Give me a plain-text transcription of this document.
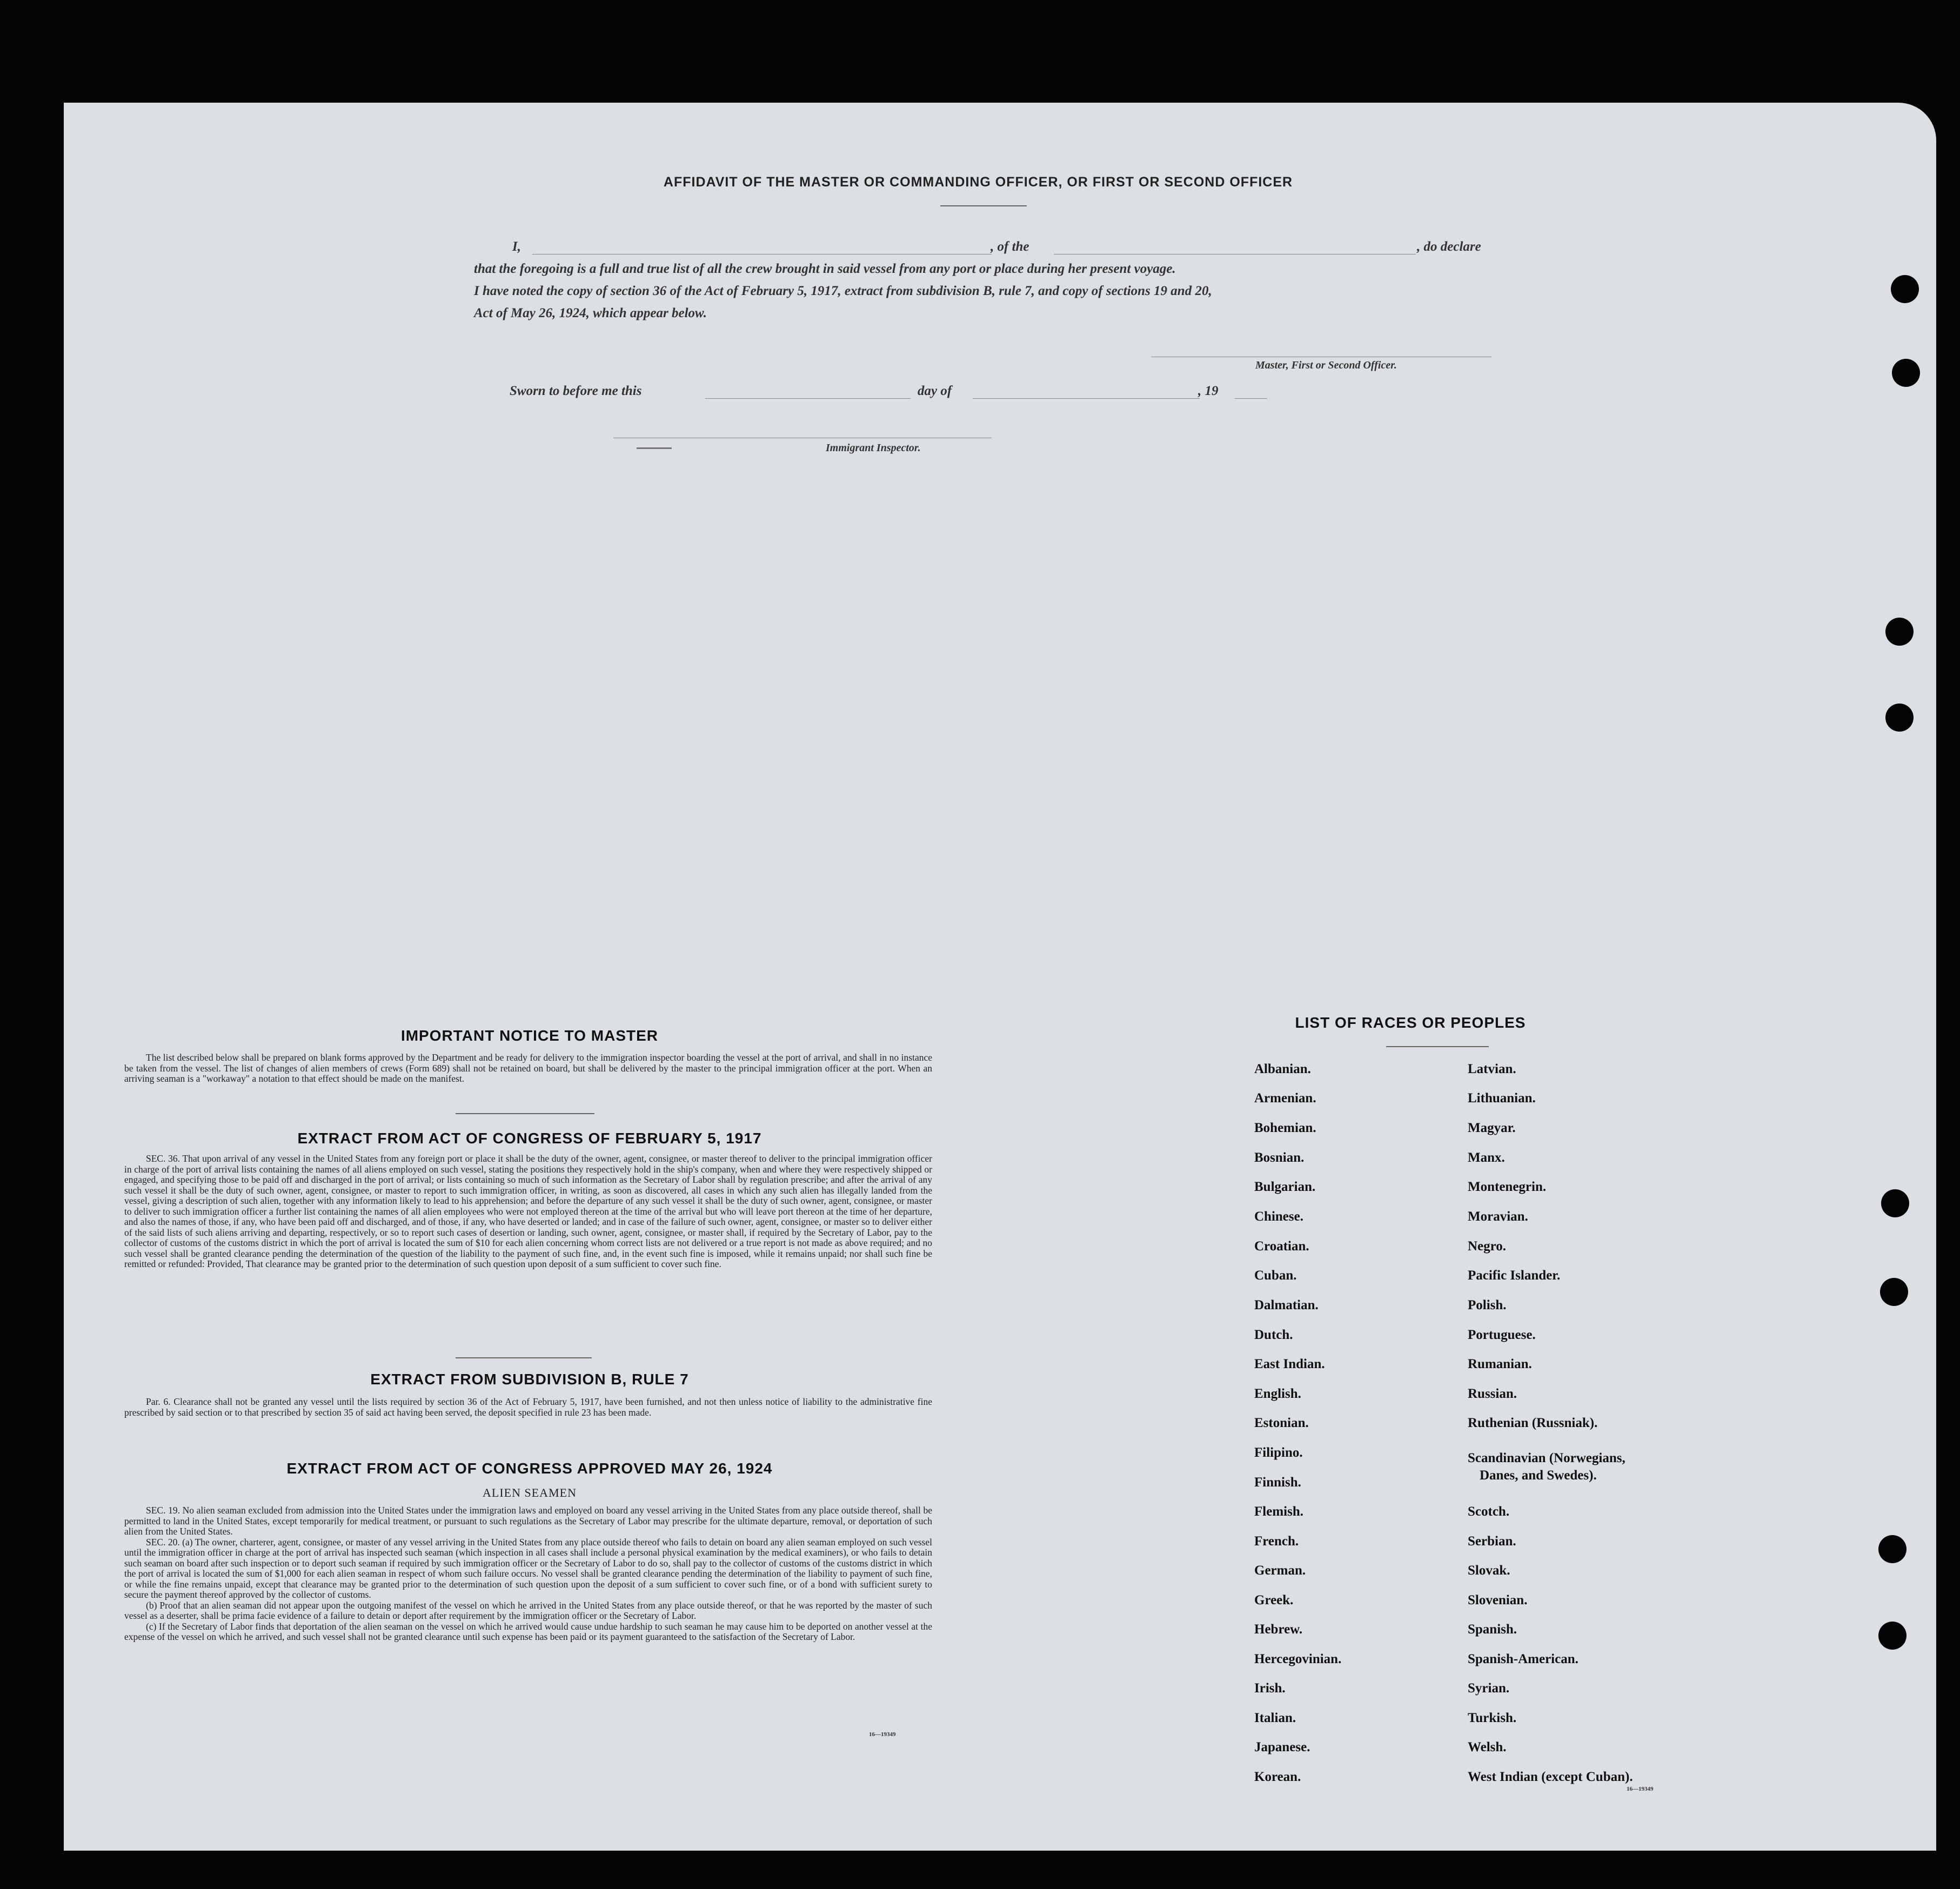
AFFIDAVIT OF THE MASTER OR COMMANDING OFFICER, OR FIRST OR SECOND OFFICER
I,	, of the	, do declare
that the foregoing is a full and true list of all the crew brought in said vessel from any port or place during her present voyage.
I have noted the copy of section 36 of the Act of February 5, 1917, extract from subdivision B, rule 7, and copy of sections 19 and 20,
Act of May 26, 1924, which appear below.
Master, First or Second Officer.
Sworn to before me this	day of	, 19
Immigrant Inspector.
IMPORTANT NOTICE TO MASTER

The list described below shall be prepared on blank forms approved by the Department and be ready for delivery to the immigration inspector boarding the vessel at the port of arrival, and shall in no instance be taken from the vessel. The list of changes of alien members of crews (Form 689) shall not be retained on board, but shall be delivered by the master to the principal immigration officer at the port. When an arriving seaman is a "workaway" a notation to that effect should be made on the manifest.

EXTRACT FROM ACT OF CONGRESS OF FEBRUARY 5, 1917

SEC. 36. That upon arrival of any vessel in the United States from any foreign port or place it shall be the duty of the owner, agent, consignee, or master thereof to deliver to the principal immigration officer in charge of the port of arrival lists containing the names of all aliens employed on such vessel, stating the positions they respectively hold in the ship's company, when and where they were respectively shipped or engaged, and specifying those to be paid off and discharged in the port of arrival; or lists containing so much of such information as the Secretary of Labor shall by regulation prescribe; and after the arrival of any such vessel it shall be the duty of such owner, agent, consignee, or master to report to such immigration officer, in writing, as soon as discovered, all cases in which any such alien has illegally landed from the vessel, giving a description of such alien, together with any information likely to lead to his apprehension; and before the departure of any such vessel it shall be the duty of such owner, agent, consignee, or master to deliver to such immigration officer a further list containing the names of all alien employees who were not employed thereon at the time of the arrival but who will leave port thereon at the time of her departure, and also the names of those, if any, who have been paid off and discharged, and of those, if any, who have deserted or landed; and in case of the failure of such owner, agent, consignee, or master so to deliver either of the said lists of such aliens arriving and departing, respectively, or so to report such cases of desertion or landing, such owner, agent, consignee, or master shall, if required by the Secretary of Labor, pay to the collector of customs of the customs district in which the port of arrival is located the sum of $10 for each alien concerning whom correct lists are not delivered or a true report is not made as above required; and no such vessel shall be granted clearance pending the determination of the question of the liability to the payment of such fine, and, in the event such fine is imposed, while it remains unpaid; nor shall such fine be remitted or refunded: Provided, That clearance may be granted prior to the determination of such question upon deposit of a sum sufficient to cover such fine.

EXTRACT FROM SUBDIVISION B, RULE 7

Par. 6. Clearance shall not be granted any vessel until the lists required by section 36 of the Act of February 5, 1917, have been furnished, and not then unless notice of liability to the administrative fine prescribed by said section or to that prescribed by section 35 of said act having been served, the deposit specified in rule 23 has been made.

EXTRACT FROM ACT OF CONGRESS APPROVED MAY 26, 1924
ALIEN SEAMEN

SEC. 19. No alien seaman excluded from admission into the United States under the immigration laws and employed on board any vessel arriving in the United States from any place outside thereof, shall be permitted to land in the United States, except temporarily for medical treatment, or pursuant to such regulations as the Secretary of Labor may prescribe for the ultimate departure, removal, or deportation of such alien from the United States.

SEC. 20. (a) The owner, charterer, agent, consignee, or master of any vessel arriving in the United States from any place outside thereof who fails to detain on board any alien seaman employed on such vessel until the immigration officer in charge at the port of arrival has inspected such seaman (which inspection in all cases shall include a personal physical examination by the medical examiners), or who fails to detain such seaman on board after such inspection or to deport such seaman if required by such immigration officer or the Secretary of Labor to do so, shall pay to the collector of customs of the customs district in which the port of arrival is located the sum of $1,000 for each alien seaman in respect of whom such failure occurs. No vessel shall be granted clearance pending the determination of the liability to payment of such fine, or while the fine remains unpaid, except that clearance may be granted prior to the determination of such question upon the deposit of a sum sufficient to cover such fine, or of a bond with sufficient surety to secure the payment thereof approved by the collector of customs.

(b) Proof that an alien seaman did not appear upon the outgoing manifest of the vessel on which he arrived in the United States from any place outside thereof, or that he was reported by the master of such vessel as a deserter, shall be prima facie evidence of a failure to detain or deport after requirement by the immigration officer or the Secretary of Labor.

(c) If the Secretary of Labor finds that deportation of the alien seaman on the vessel on which he arrived would cause undue hardship to such seaman he may cause him to be deported on another vessel at the expense of the vessel on which he arrived, and such vessel shall not be granted clearance until such expense has been paid or its payment guaranteed to the satisfaction of the Secretary of Labor.

16—19349
LIST OF RACES OR PEOPLES
Albanian.
Armenian.
Bohemian.
Bosnian.
Bulgarian.
Chinese.
Croatian.
Cuban.
Dalmatian.
Dutch.
East Indian.
English.
Estonian.
Filipino.
Finnish.
Flemish.
French.
German.
Greek.
Hebrew.
Hercegovinian.
Irish.
Italian.
Japanese.
Korean.
Latvian.
Lithuanian.
Magyar.
Manx.
Montenegrin.
Moravian.
Negro.
Pacific Islander.
Polish.
Portuguese.
Rumanian.
Russian.
Ruthenian (Russniak).
Scandinavian (Norwegians,
Danes, and Swedes).
Scotch.
Serbian.
Slovak.
Slovenian.
Spanish.
Spanish-American.
Syrian.
Turkish.
Welsh.
West Indian (except Cuban).
16—19349
